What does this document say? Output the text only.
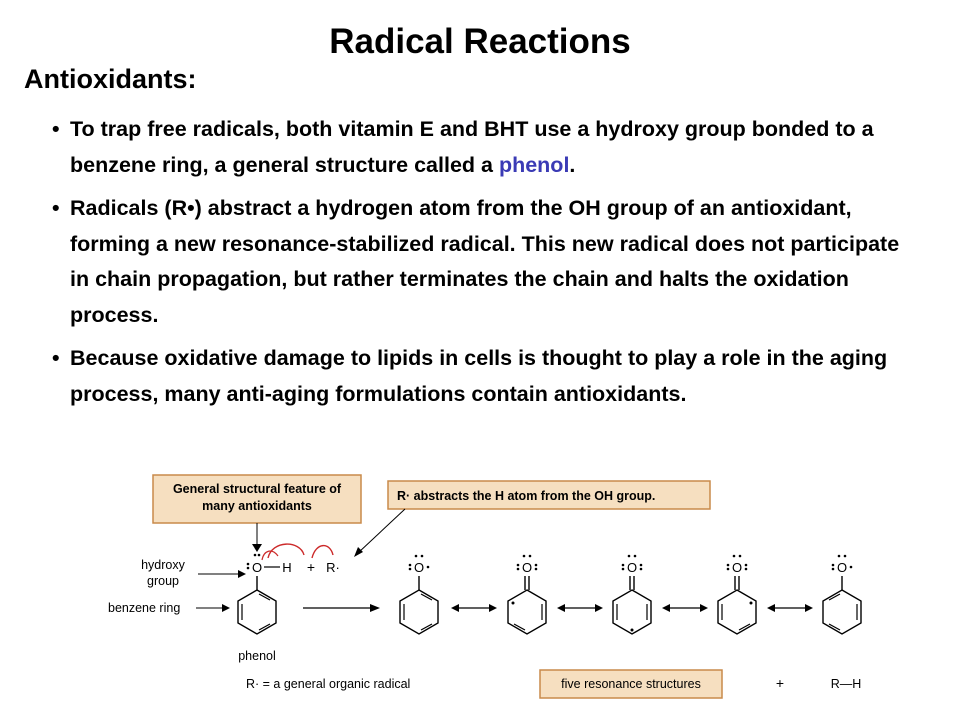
Radical Reactions
Antioxidants:
• To trap free radicals, both vitamin E and BHT use a hydroxy group bonded to a benzene ring, a general structure called a phenol.
• Radicals (R•) abstract a hydrogen atom from the OH group of an antioxidant, forming a new resonance-stabilized radical. This new radical does not participate in chain propagation, but rather terminates the chain and halts the oxidation process.
• Because oxidative damage to lipids in cells is thought to play a role in the aging process, many anti-aging formulations contain antioxidants.
General structural feature of
many antioxidants
R· abstracts the H atom from the OH group.
hydroxy
group
benzene ring
phenol
O H + R·	O	O	O	O	O
R· = a general organic radical	five resonance structures	+	R—H
